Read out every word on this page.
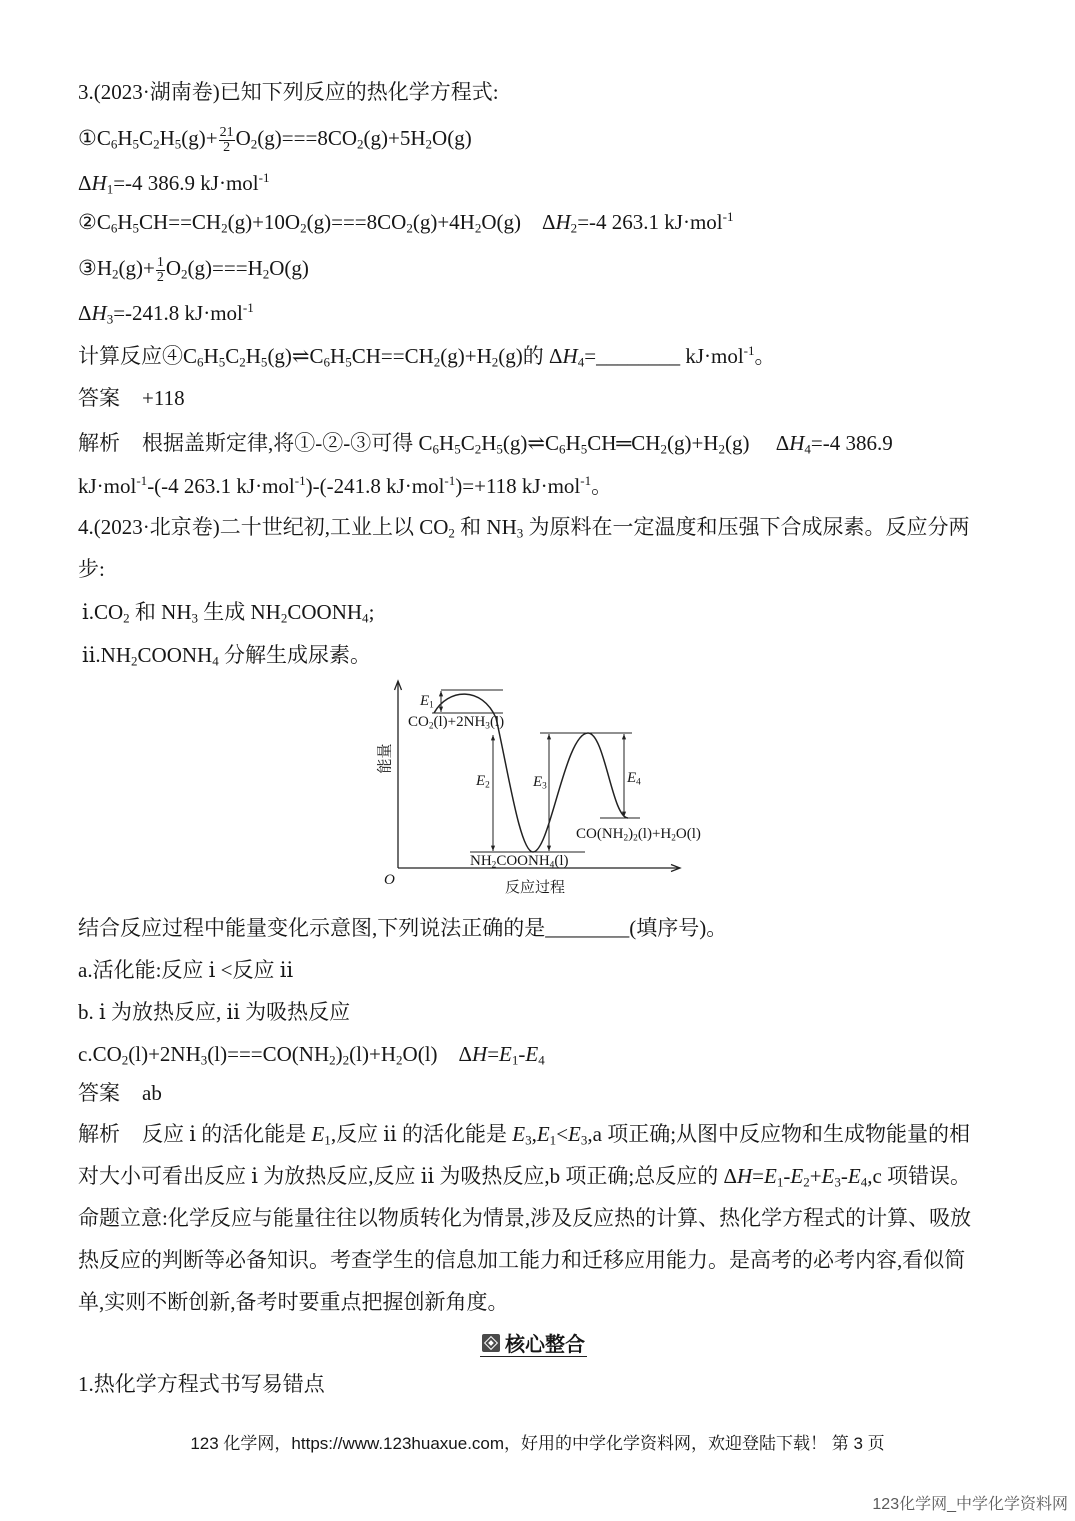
3.(2023·湖南卷)已知下列反应的热化学方程式:
①C6H5C2H5(g)+ $\frac{21}{2} O2(g)===8CO2(g)+5H2O(g)$
ΔH1=-4 386.9 kJ·mol$^{-1}$
②C6H5CH==CH2(g)+10O2(g)===8CO2(g)+4H2O(g)    ΔH2=-4 263.1 kJ·mol$^{-1}$
③H2(g)+ $\frac{1}{2} O2(g)===H2O(g)$
ΔH3=-241.8 kJ·mol$^{-1}$
计算反应④C6H5C2H5(g)⇌C6H5CH==CH2(g)+H2(g)的 ΔH4=________ kJ·mol$^{-1}$。
答案 +118
解析 根据盖斯定律,将①-②-③可得 C6H5C2H5(g)⇌C6H5CH═CH2(g)+H2(g)     ΔH4=-4 386.9
kJ·mol$^{-1}$-(-4 263.1 kJ·mol$^{-1}$)-(-241.8 kJ·mol$^{-1}$)=+118 kJ·mol$^{-1}$。
4.(2023·北京卷)二十世纪初,工业上以 CO2 和 NH3 为原料在一定温度和压强下合成尿素。反应分两
步:
ⅰ.CO2 和 NH3 生成 NH2COONH4;
ⅱ.NH2COONH4 分解生成尿素。
E1
CO2(l)+2NH3(l)
E2	E3
E4
NH2COONH4(l)
CO(NH2)2(l)+H2O(l)
O	反应过程
能量
结合反应过程中能量变化示意图,下列说法正确的是________(填序号)。
a.活化能:反应 ⅰ <反应 ⅱ
b. ⅰ 为放热反应, ⅱ 为吸热反应
c.CO2(l)+2NH3(l)===CO(NH2)2(l)+H2O(l)    ΔH=E1-E4
答案 ab
解析 反应 ⅰ 的活化能是 E1,反应 ⅱ 的活化能是 E3,E1<E3,a 项正确;从图中反应物和生成物能量的相
对大小可看出反应 ⅰ 为放热反应,反应 ⅱ 为吸热反应,b 项正确;总反应的 ΔH=E1-E2+E3-E4,c 项错误。
命题立意:化学反应与能量往往以物质转化为情景,涉及反应热的计算、热化学方程式的计算、吸放
热反应的判断等必备知识。考查学生的信息加工能力和迁移应用能力。是高考的必考内容,看似简
单,实则不断创新,备考时要重点把握创新角度。
核心整合
1.热化学方程式书写易错点
123 化学网，https://www.123huaxue.com，好用的中学化学资料网，欢迎登陆下载！ 第 3 页
123化学网_中学化学资料网
